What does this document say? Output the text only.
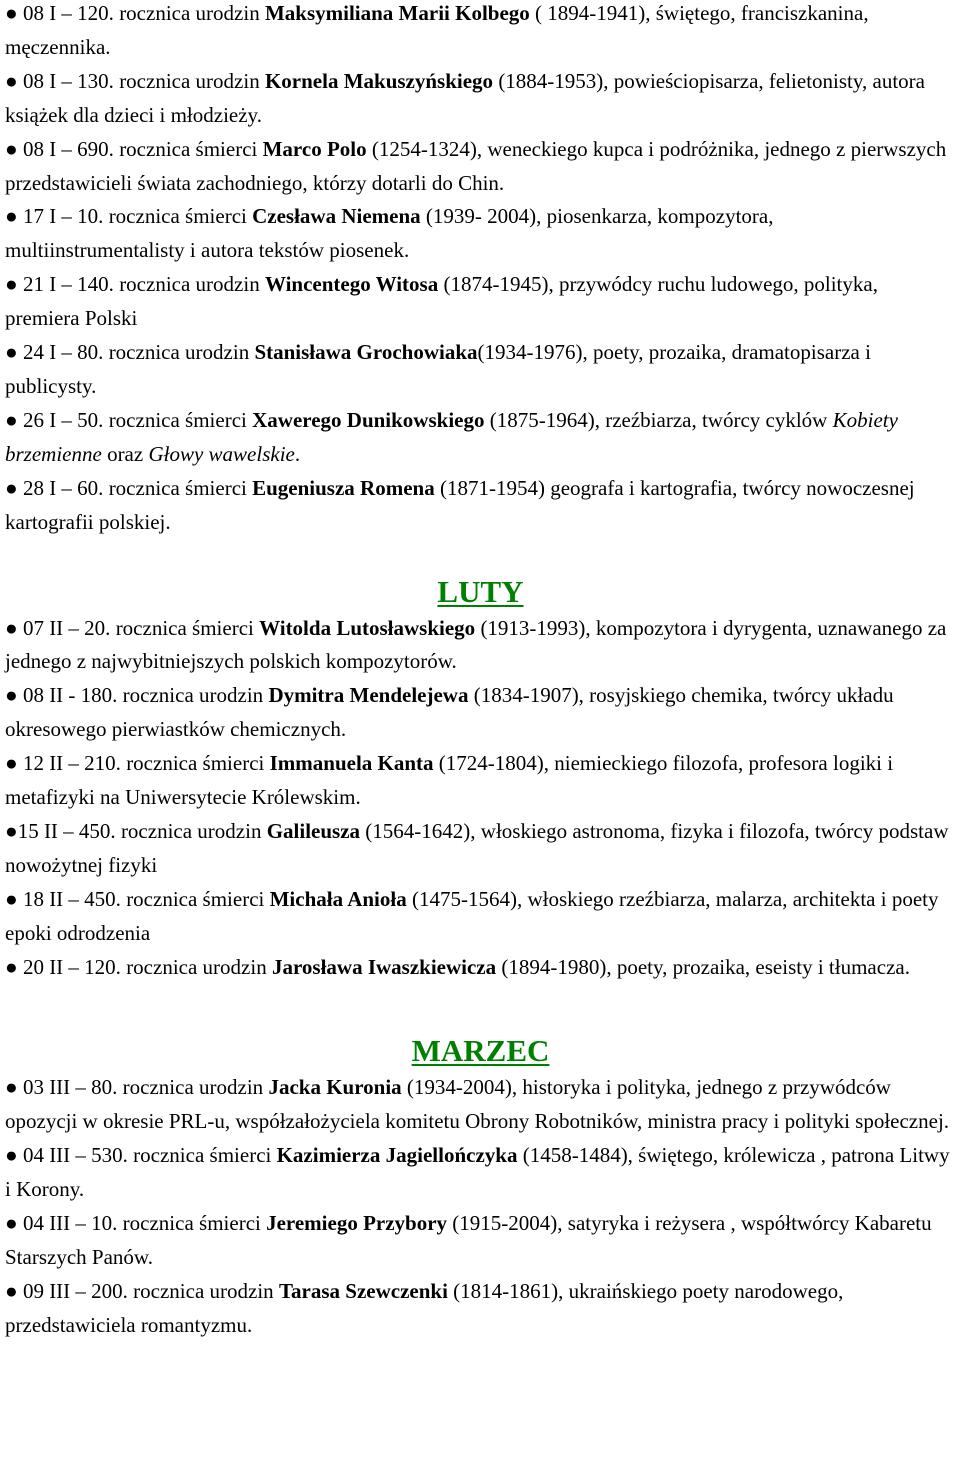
● 08 I – 120. rocznica urodzin Maksymiliana Marii Kolbego ( 1894-1941), świętego, franciszkanina, męczennika.

● 08 I – 130. rocznica urodzin Kornela Makuszyńskiego (1884-1953), powieściopisarza, felietonisty, autora książek dla dzieci i młodzieży.

● 08 I – 690. rocznica śmierci Marco Polo (1254-1324), weneckiego kupca i podróżnika, jednego z pierwszych przedstawicieli świata zachodniego, którzy dotarli do Chin.

● 17 I – 10. rocznica śmierci Czesława Niemena (1939- 2004), piosenkarza, kompozytora, multiinstrumentalisty i autora tekstów piosenek.

● 21 I – 140. rocznica urodzin Wincentego Witosa (1874-1945), przywódcy ruchu ludowego, polityka, premiera Polski

● 24 I – 80. rocznica urodzin Stanisława Grochowiaka(1934-1976), poety, prozaika, dramatopisarza i publicysty.

● 26 I – 50. rocznica śmierci Xawerego Dunikowskiego (1875-1964), rzeźbiarza, twórcy cyklów Kobiety brzemienne oraz Głowy wawelskie.

● 28 I – 60. rocznica śmierci Eugeniusza Romena (1871-1954) geografa i kartografia, twórcy nowoczesnej kartografii polskiej.

LUTY

● 07 II – 20. rocznica śmierci Witolda Lutosławskiego (1913-1993), kompozytora i dyrygenta, uznawanego za jednego z najwybitniejszych polskich kompozytorów.

● 08 II - 180. rocznica urodzin Dymitra Mendelejewa (1834-1907), rosyjskiego chemika, twórcy układu okresowego pierwiastków chemicznych.

● 12 II – 210. rocznica śmierci Immanuela Kanta (1724-1804), niemieckiego filozofa, profesora logiki i metafizyki na Uniwersytecie Królewskim.

●15 II – 450. rocznica urodzin Galileusza (1564-1642), włoskiego astronoma, fizyka i filozofa, twórcy podstaw nowożytnej fizyki

● 18 II – 450. rocznica śmierci Michała Anioła (1475-1564), włoskiego rzeźbiarza, malarza, architekta i poety epoki odrodzenia

● 20 II – 120. rocznica urodzin Jarosława Iwaszkiewicza (1894-1980), poety, prozaika, eseisty i tłumacza.

MARZEC

● 03 III – 80. rocznica urodzin Jacka Kuronia (1934-2004), historyka i polityka, jednego z przywódców opozycji w okresie PRL-u, współzałożyciela komitetu Obrony Robotników, ministra pracy i polityki społecznej.

● 04 III – 530. rocznica śmierci Kazimierza Jagiellończyka (1458-1484), świętego, królewicza , patrona Litwy i Korony.

● 04 III – 10. rocznica śmierci Jeremiego Przybory (1915-2004), satyryka i reżysera , współtwórcy Kabaretu Starszych Panów.

● 09 III – 200. rocznica urodzin Tarasa Szewczenki (1814-1861), ukraińskiego poety narodowego, przedstawiciela romantyzmu.
